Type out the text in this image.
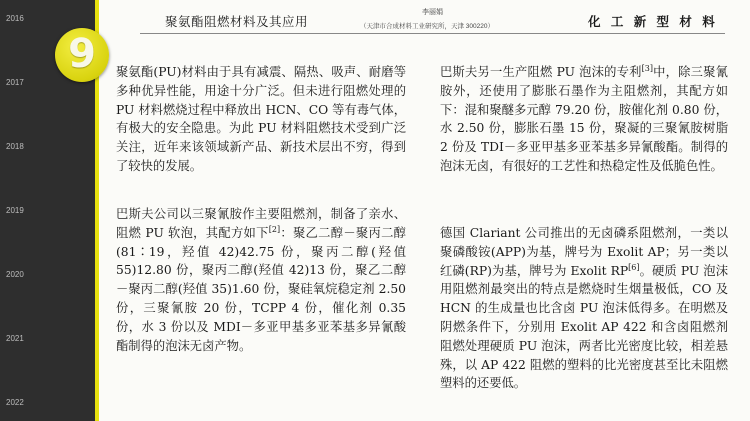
2016
2017
2018
2019
2020
2021
2022
聚氨酯阻燃材料及其应用
李丽娟
（天津市合成材料工业研究所，天津 300220）	化 工 新 型 材 料

聚氨酯(PU)材料由于具有减震、隔热、吸声、耐磨等多种优异性能，用途十分广泛。但未进行阻燃处理的 PU 材料燃烧过程中释放出 HCN、CO 等有毒气体，有极大的安全隐患。为此 PU 材料阻燃技术受到广泛关注，近年来该领域新产品、新技术层出不穷，得到了较快的发展。

巴斯夫公司以三聚氰胺作主要阻燃剂，制备了亲水、阻燃 PU 软泡，其配方如下[2]：聚乙二醇－聚丙二醇(81∶19，羟值 42)42.75 份，聚丙二醇(羟值 55)12.80 份，聚丙二醇(羟值 42)13 份，聚乙二醇－聚丙二醇(羟值 35)1.60 份，聚硅氧烷稳定剂 2.50 份，三聚氰胺 20 份，TCPP 4 份，催化剂 0.35 份，水 3 份以及 MDI－多亚甲基多亚苯基多异氰酸酯制得的泡沫无卤产物。

巴斯夫另一生产阻燃 PU 泡沫的专利[3]中，除三聚氰胺外，还使用了膨胀石墨作为主阻燃剂，其配方如下：混和聚醚多元醇 79.20 份，胺催化剂 0.80 份，水 2.50 份，膨胀石墨 15 份，聚凝的三聚氰胺树脂 2 份及 TDI－多亚甲基多亚苯基多异氰酸酯。制得的泡沫无卤，有很好的工艺性和热稳定性及低脆色性。

德国 Clariant 公司推出的无卤磷系阻燃剂，一类以聚磷酸铵(APP)为基，牌号为 Exolit AP；另一类以红磷(RP)为基，牌号为 Exolit RP[6]。硬质 PU 泡沫用阻燃剂最突出的特点是燃烧时生烟量极低，CO 及 HCN 的生成量也比含卤 PU 泡沫低得多。在明燃及阴燃条件下，分别用 Exolit AP 422 和含卤阻燃剂阻燃处理硬质 PU 泡沫，两者比光密度比较，相差悬殊，以 AP 422 阻燃的塑料的比光密度甚至比未阻燃塑料的还要低。

9
